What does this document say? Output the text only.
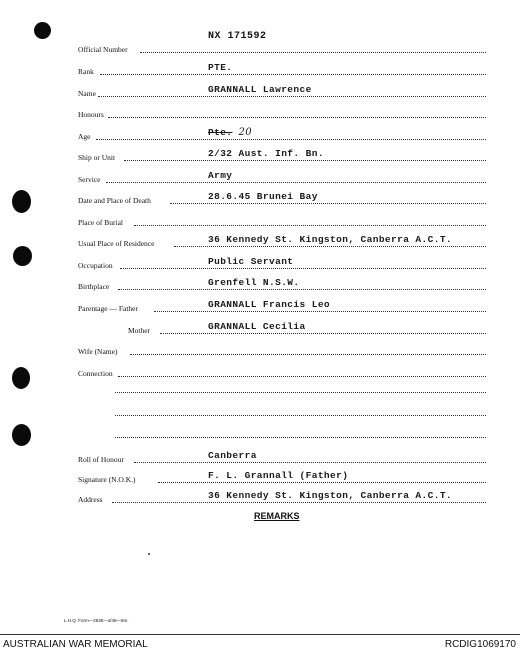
NX 171592
Official Number
Rank	PTE.
Name	GRANNALL Lawrence
Honours
Age	Pte. 20
Ship or Unit	2/32 Aust. Inf. Bn.
Service	Army
Date and Place of Death	28.6.45 Brunei Bay
Place of Burial
Usual Place of Residence	36 Kennedy St. Kingston, Canberra A.C.T.
Occupation	Public Servant
Birthplace	Grenfell N.S.W.
Parentage — Father	GRANNALL Francis Leo
Mother	GRANNALL Cecilia
Wife (Name)
Connection
Roll of Honour	Canberra
Signature (N.O.K.)	F. L. Grannall (Father)
Address	36 Kennedy St. Kingston, Canberra A.C.T.
REMARKS
L.H.Q. Form—2535—4/45—5m.
AUSTRALIAN WAR MEMORIAL	RCDIG1069170
